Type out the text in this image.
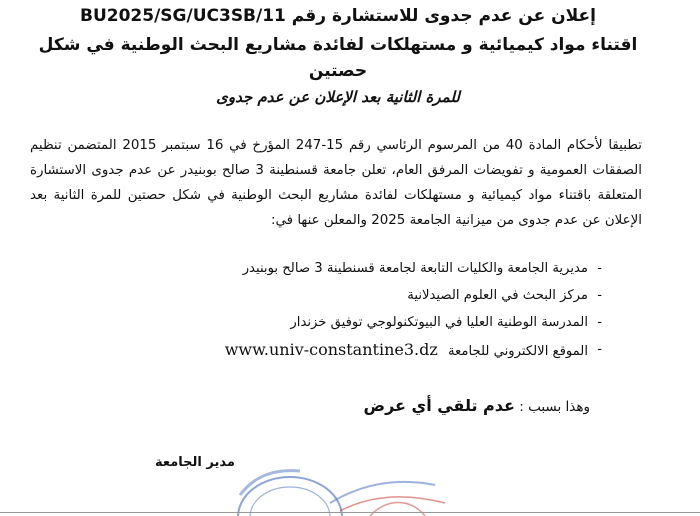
إعلان عن عدم جدوى للاستشارة رقم BU2025/SG/UC3SB/11
اقتناء مواد كيميائية و مستهلكات لفائدة مشاريع البحث الوطنية في شكل حصتين
للمرة الثانية بعد الإعلان عن عدم جدوى

تطبيقا لأحكام المادة 40 من المرسوم الرئاسي رقم 15-247 المؤرخ في 16 سبتمبر 2015 المتضمن تنظيم الصفقات العمومية و تفويضات المرفق العام، تعلن جامعة قسنطينة 3 صالح بوبنيدر عن عدم جدوى الاستشارة المتعلقة باقتناء مواد كيميائية و مستهلكات لفائدة مشاريع البحث الوطنية في شكل حصتين للمرة الثانية بعد الإعلان عن عدم جدوى من ميزانية الجامعة 2025 والمعلن عنها في:

- مديرية الجامعة والكليات التابعة لجامعة قسنطينة 3 صالح بوبنيدر
- مركز البحث في العلوم الصيدلانية
- المدرسة الوطنية العليا في البيوتكنولوجي توفيق خزندار
- الموقع الالكتروني للجامعة www.univ-constantine3.dz
وهذا بسبب : عدم تلقي أي عرض
مدير الجامعة
